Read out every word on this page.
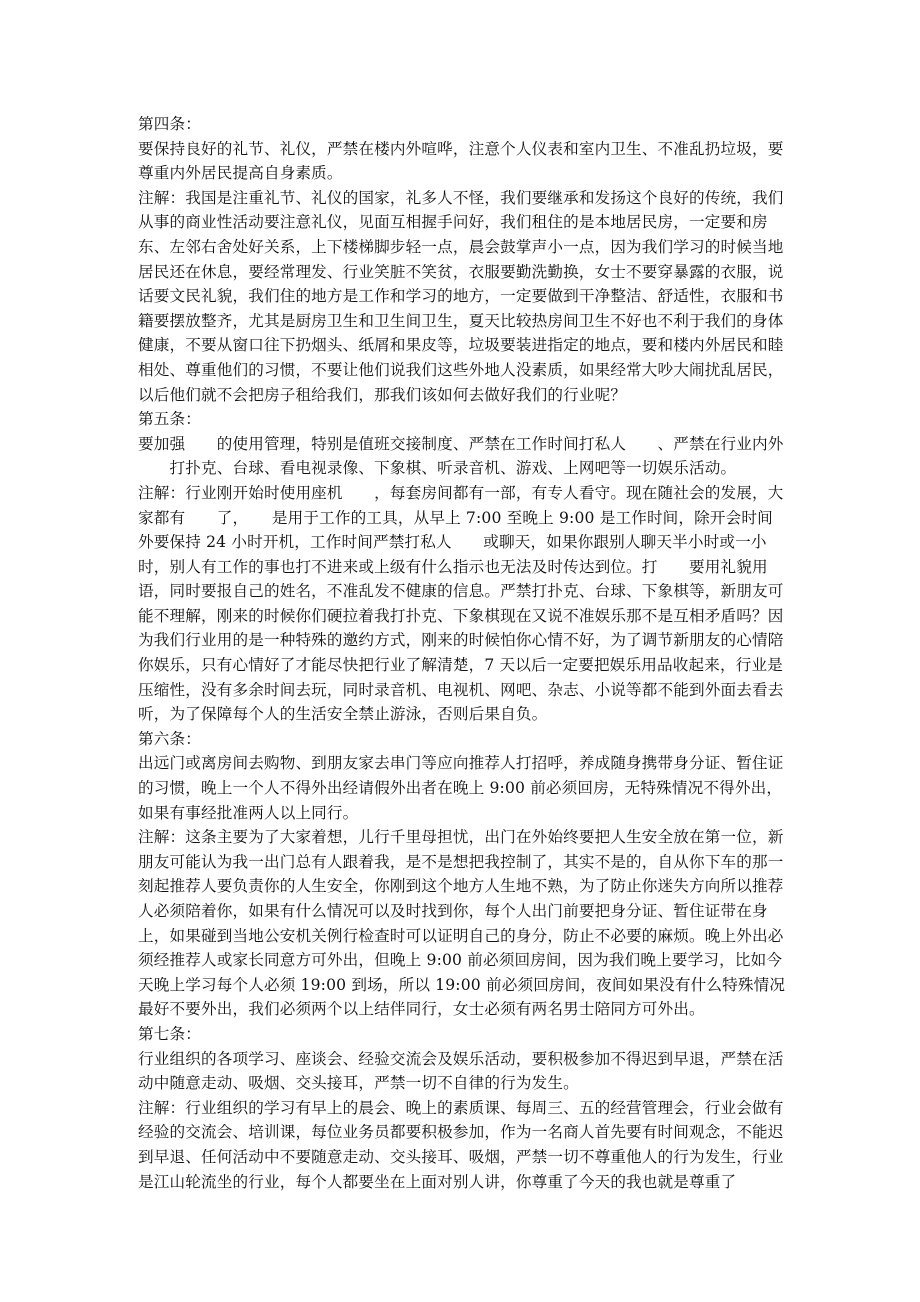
第四条：

要保持良好的礼节、礼仪，严禁在楼内外喧哗，注意个人仪表和室内卫生、不准乱扔垃圾，要尊重内外居民提高自身素质。

注解：我国是注重礼节、礼仪的国家，礼多人不怪，我们要继承和发扬这个良好的传统，我们从事的商业性活动要注意礼仪，见面互相握手问好，我们租住的是本地居民房，一定要和房东、左邻右舍处好关系，上下楼梯脚步轻一点，晨会鼓掌声小一点，因为我们学习的时候当地居民还在休息，要经常理发、行业笑脏不笑贫，衣服要勤洗勤换，女士不要穿暴露的衣服，说话要文民礼貌，我们住的地方是工作和学习的地方，一定要做到干净整洁、舒适性，衣服和书籍要摆放整齐，尤其是厨房卫生和卫生间卫生，夏天比较热房间卫生不好也不利于我们的身体健康，不要从窗口往下扔烟头、纸屑和果皮等，垃圾要装进指定的地点，要和楼内外居民和睦相处、尊重他们的习惯，不要让他们说我们这些外地人没素质，如果经常大吵大闹扰乱居民，以后他们就不会把房子租给我们，那我们该如何去做好我们的行业呢？

第五条：

要加强　　的使用管理，特别是值班交接制度、严禁在工作时间打私人　　、严禁在行业内外

　　打扑克、台球、看电视录像、下象棋、听录音机、游戏、上网吧等一切娱乐活动。

注解：行业刚开始时使用座机　　，每套房间都有一部，有专人看守。现在随社会的发展，大家都有　　了，　　是用于工作的工具，从早上 7:00 至晚上 9:00 是工作时间，除开会时间外要保持 24 小时开机，工作时间严禁打私人　　或聊天，如果你跟别人聊天半小时或一小时，别人有工作的事也打不进来或上级有什么指示也无法及时传达到位。打　　要用礼貌用语，同时要报自己的姓名，不准乱发不健康的信息。严禁打扑克、台球、下象棋等，新朋友可能不理解，刚来的时候你们硬拉着我打扑克、下象棋现在又说不准娱乐那不是互相矛盾吗？因为我们行业用的是一种特殊的邀约方式，刚来的时候怕你心情不好，为了调节新朋友的心情陪你娱乐，只有心情好了才能尽快把行业了解清楚，7 天以后一定要把娱乐用品收起来，行业是压缩性，没有多余时间去玩，同时录音机、电视机、网吧、杂志、小说等都不能到外面去看去听，为了保障每个人的生活安全禁止游泳，否则后果自负。

第六条：

出远门或离房间去购物、到朋友家去串门等应向推荐人打招呼，养成随身携带身分证、暂住证的习惯，晚上一个人不得外出经请假外出者在晚上 9:00 前必须回房，无特殊情况不得外出，如果有事经批准两人以上同行。

注解：这条主要为了大家着想，儿行千里母担忧，出门在外始终要把人生安全放在第一位，新朋友可能认为我一出门总有人跟着我，是不是想把我控制了，其实不是的，自从你下车的那一刻起推荐人要负责你的人生安全，你刚到这个地方人生地不熟，为了防止你迷失方向所以推荐人必须陪着你，如果有什么情况可以及时找到你，每个人出门前要把身分证、暂住证带在身上，如果碰到当地公安机关例行检查时可以证明自己的身分，防止不必要的麻烦。晚上外出必须经推荐人或家长同意方可外出，但晚上 9:00 前必须回房间，因为我们晚上要学习，比如今天晚上学习每个人必须 19:00 到场，所以 19:00 前必须回房间，夜间如果没有什么特殊情况最好不要外出，我们必须两个以上结伴同行，女士必须有两名男士陪同方可外出。

第七条：

行业组织的各项学习、座谈会、经验交流会及娱乐活动，要积极参加不得迟到早退，严禁在活动中随意走动、吸烟、交头接耳，严禁一切不自律的行为发生。

注解：行业组织的学习有早上的晨会、晚上的素质课、每周三、五的经营管理会，行业会做有经验的交流会、培训课，每位业务员都要积极参加，作为一名商人首先要有时间观念，不能迟到早退、任何活动中不要随意走动、交头接耳、吸烟，严禁一切不尊重他人的行为发生，行业是江山轮流坐的行业，每个人都要坐在上面对别人讲，你尊重了今天的我也就是尊重了
